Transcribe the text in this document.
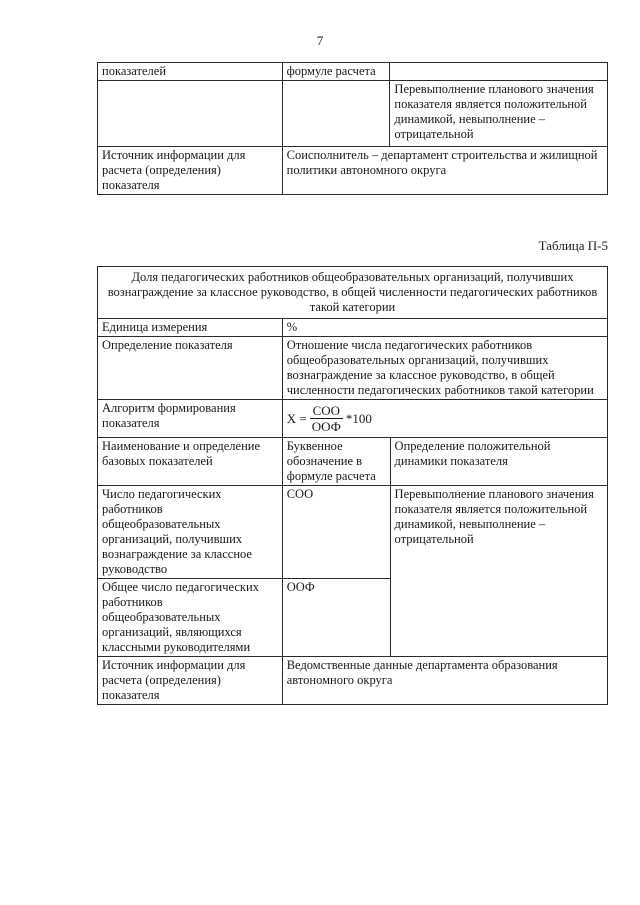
7
показателей	формуле расчета	
		Перевыполнение планового значения показателя является положительной динамикой, невыполнение – отрицательной
Источник информации для расчета (определения) показателя	Соисполнитель – департамент строительства и жилищной политики автономного округа	
Таблица П-5
Доля педагогических работников общеобразовательных организаций, получивших вознаграждение за классное руководство, в общей численности педагогических работников такой категории		
Единица измерения	%	
Определение показателя	Отношение числа педагогических работников общеобразовательных организаций, получивших вознаграждение за классное руководство, в общей численности педагогических работников такой категории	
Алгоритм формирования показателя	$X = \frac{\text{СОО}}{\text{ООФ}} *100$	

Наименование и определение базовых показателей	Буквенное обозначение в формуле расчета	Определение положительной динамики показателя
Число педагогических работников общеобразовательных организаций, получивших вознаграждение за классное руководство	СОО	Перевыполнение планового значения показателя является положительной динамикой, невыполнение – отрицательной
Общее число педагогических работников общеобразовательных организаций, являющихся классными руководителями	ООФ	
Источник информации для расчета (определения) показателя	Ведомственные данные департамента образования автономного округа	
